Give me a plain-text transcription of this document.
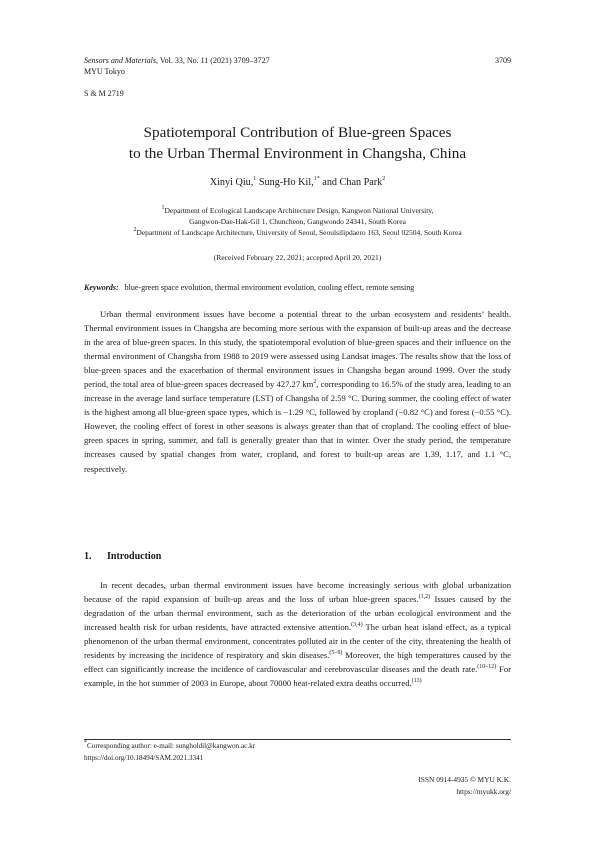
Sensors and Materials, Vol. 33, No. 11 (2021) 3709–3727	3709
MYU Tokyo
S & M 2719
Spatiotemporal Contribution of Blue-green Spaces
to the Urban Thermal Environment in Changsha, China
Xinyi Qiu,$^1$ Sung-Ho Kil,$^{1*}$ and Chan Park$^2$
$^1$Department of Ecological Landscape Architecture Design, Kangwon National University,
Gangwon-Dae-Hak-Gil 1, Chuncheon, Gangwondo 24341, South Korea
$^2$Department of Landscape Architecture, University of Seoul, Seoulsilipdaero 163, Seoul 02504, South Korea
(Received February 22, 2021; accepted April 20, 2021)
Keywords: blue-green space evolution, thermal environment evolution, cooling effect, remote sensing
Urban thermal environment issues have become a potential threat to the urban ecosystem and residents’ health. Thermal environment issues in Changsha are becoming more serious with the expansion of built-up areas and the decrease in the area of blue-green spaces. In this study, the spatiotemporal evolution of blue-green spaces and their influence on the thermal environment of Changsha from 1988 to 2019 were assessed using Landsat images. The results show that the loss of blue-green spaces and the exacerbation of thermal environment issues in Changsha began around 1999. Over the study period, the total area of blue-green spaces decreased by 427.27 $km^2$, corresponding to 16.5% of the study area, leading to an increase in the average land surface temperature (LST) of Changsha of 2.59 °C. During summer, the cooling effect of water is the highest among all blue-green space types, which is −1.29 °C, followed by cropland (−0.82 °C) and forest (−0.55 °C). However, the cooling effect of forest in other seasons is always greater than that of cropland. The cooling effect of blue-green spaces in spring, summer, and fall is generally greater than that in winter. Over the study period, the temperature increases caused by spatial changes from water, cropland, and forest to built-up areas are 1.39, 1.17, and 1.1 °C, respectively.
1. Introduction
In recent decades, urban thermal environment issues have become increasingly serious with global urbanization because of the rapid expansion of built-up areas and the loss of urban blue-green spaces.$^{(1,2)}$ Issues caused by the degradation of the urban thermal environment, such as the deterioration of the urban ecological environment and the increased health risk for urban residents, have attracted extensive attention.$^{(3,4)}$ The urban heat island effect, as a typical phenomenon of the urban thermal environment, concentrates polluted air in the center of the city, threatening the health of residents by increasing the incidence of respiratory and skin diseases.$^{(5-9)}$ Moreover, the high temperatures caused by the effect can significantly increase the incidence of cardiovascular and cerebrovascular diseases and the death rate.$^{(10-12)}$ For example, in the hot summer of 2003 in Europe, about 70000 heat-related extra deaths occurred.$^{(13)}$
*Corresponding author: e-mail: sungholdil@kangwon.ac.kr
https://doi.org/10.18494/SAM.2021.3341
ISSN 0914-4935 © MYU K.K.
https://myukk.org/
